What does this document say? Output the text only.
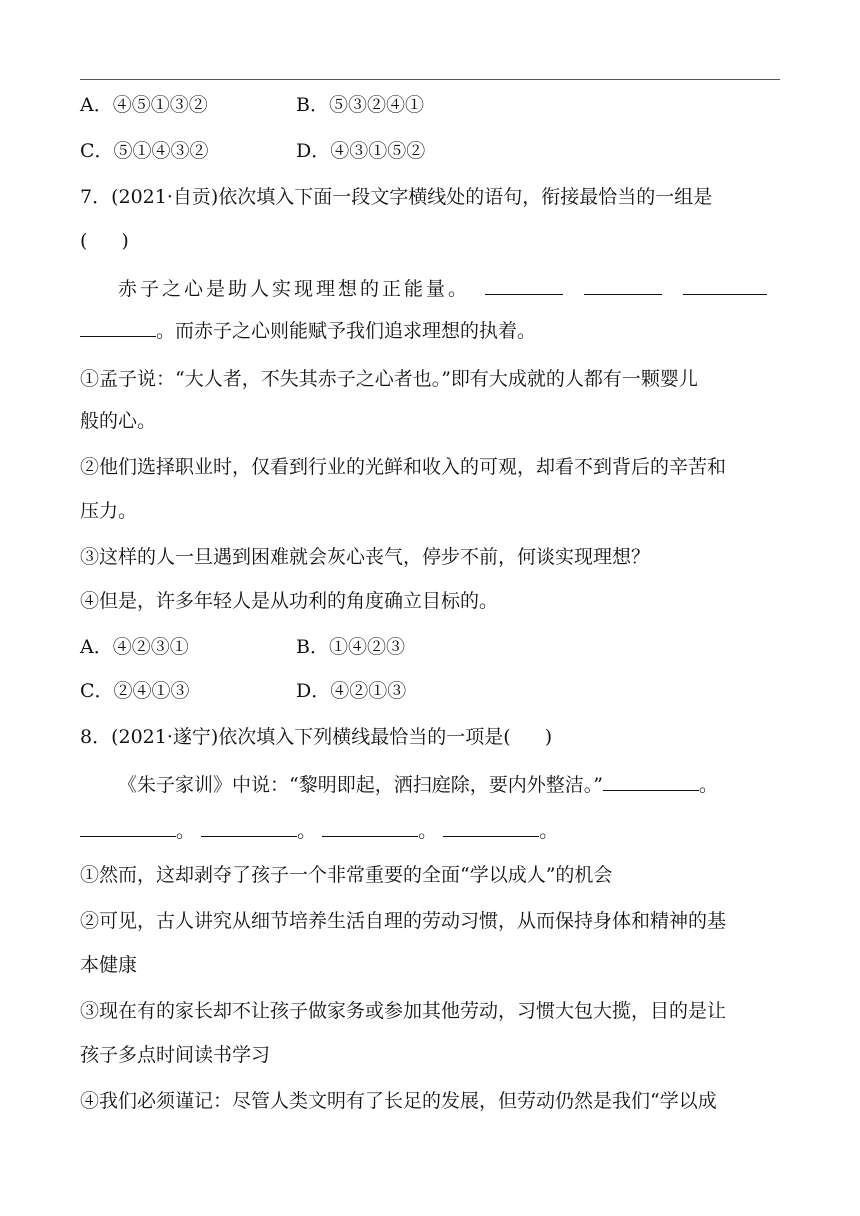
A．④⑤①③②	B．⑤③②④①
C．⑤①④③②	D．④③①⑤②
7．(2021·自贡)依次填入下面一段文字横线处的语句，衔接最恰当的一组是
( )
赤子之心是助人实现理想的正能量。
。而赤子之心则能赋予我们追求理想的执着。
①孟子说：“大人者，不失其赤子之心者也。”即有大成就的人都有一颗婴儿
般的心。
②他们选择职业时，仅看到行业的光鲜和收入的可观，却看不到背后的辛苦和
压力。
③这样的人一旦遇到困难就会灰心丧气，停步不前，何谈实现理想？
④但是，许多年轻人是从功利的角度确立目标的。
A．④②③①	B．①④②③
C．②④①③	D．④②①③
8．(2021·遂宁)依次填入下列横线最恰当的一项是( )
《朱子家训》中说：“黎明即起，洒扫庭除，要内外整洁。”	。
。	。	。	。
①然而，这却剥夺了孩子一个非常重要的全面“学以成人”的机会
②可见，古人讲究从细节培养生活自理的劳动习惯，从而保持身体和精神的基
本健康
③现在有的家长却不让孩子做家务或参加其他劳动，习惯大包大揽，目的是让
孩子多点时间读书学习
④我们必须谨记：尽管人类文明有了长足的发展，但劳动仍然是我们“学以成
